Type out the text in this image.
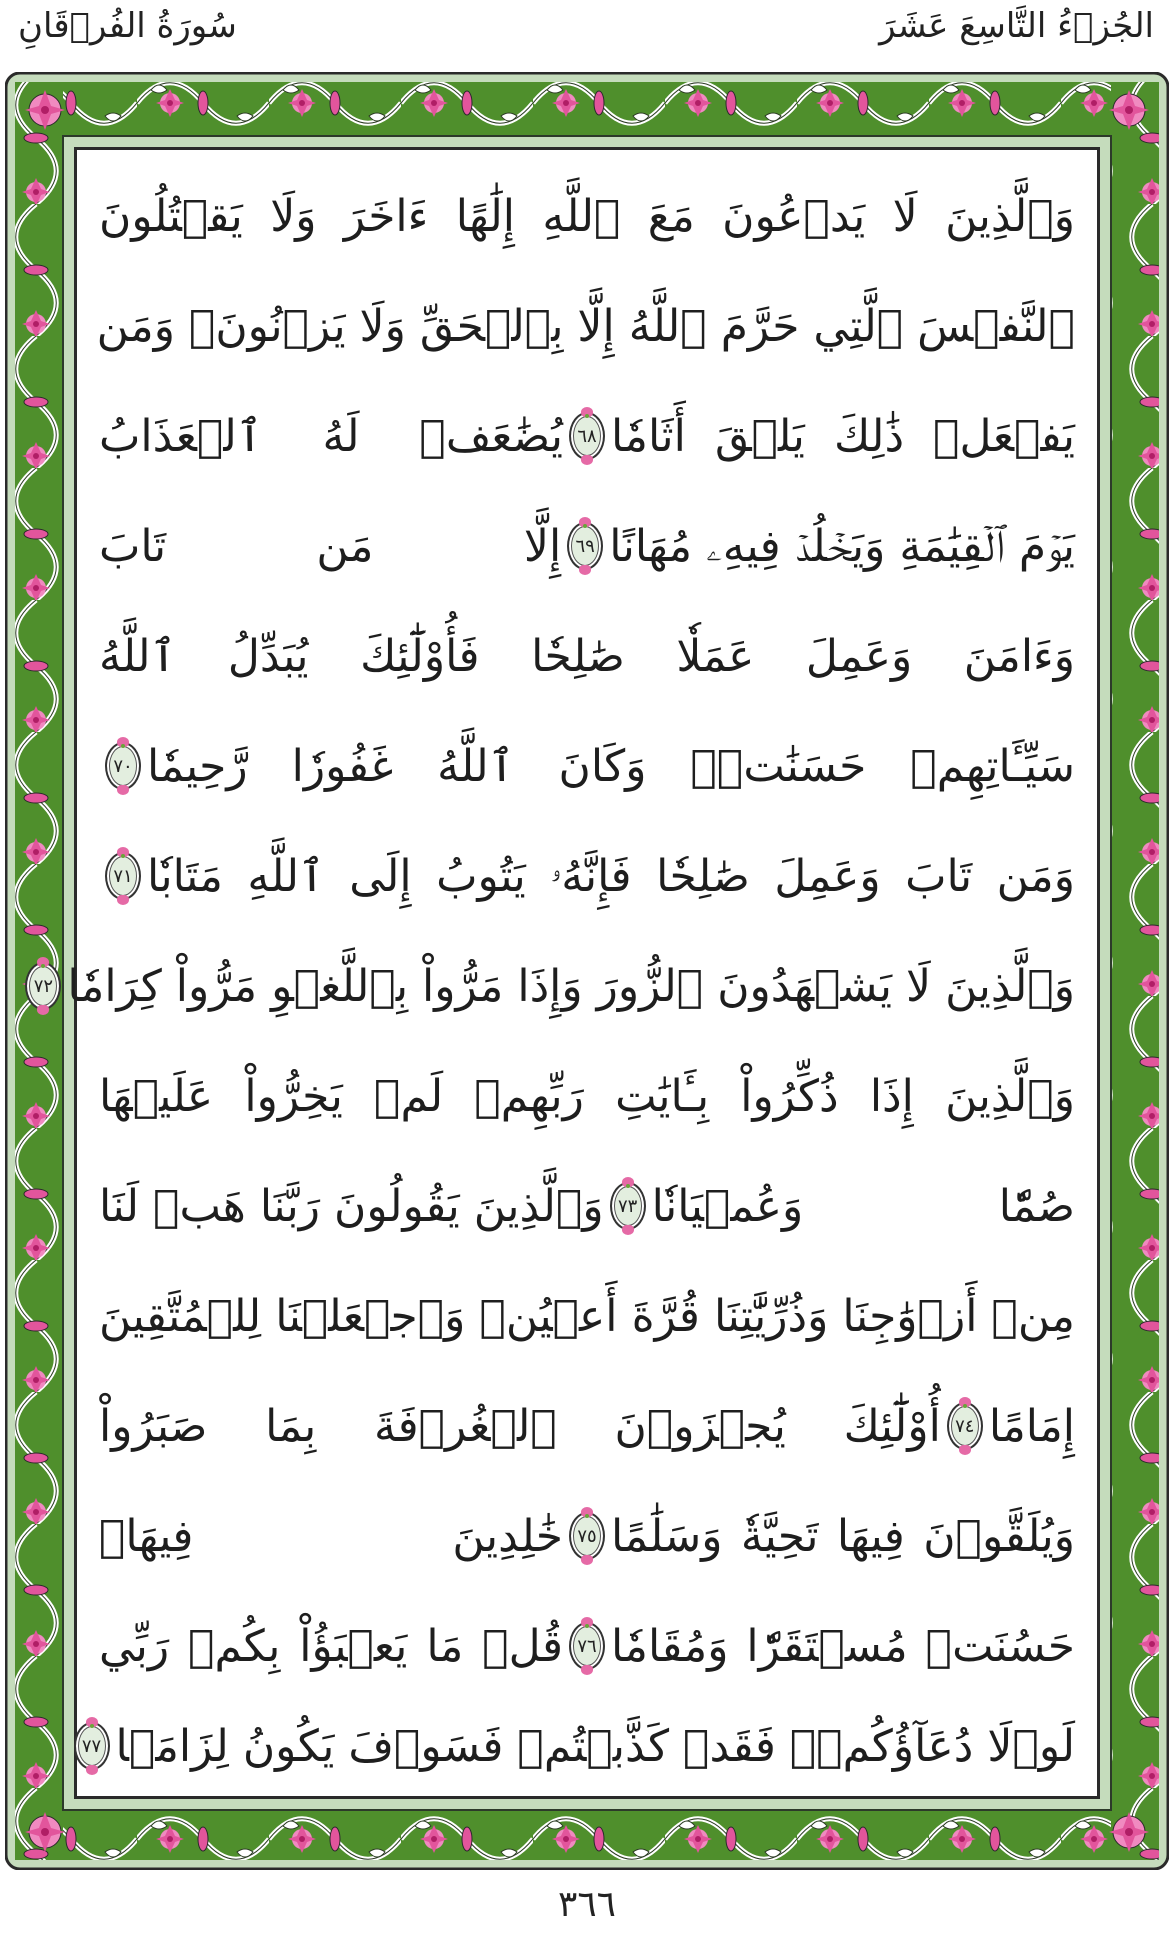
الجُزۡءُ التَّاسِعَ عَشَرَ
سُورَةُ الفُرۡقَانِ
وَٱلَّذِينَ لَا يَدۡعُونَ مَعَ ٱللَّهِ إِلَٰهًا ءَاخَرَ وَلَا يَقۡتُلُونَ
ٱلنَّفۡسَ ٱلَّتِي حَرَّمَ ٱللَّهُ إِلَّا بِٱلۡحَقِّ وَلَا يَزۡنُونَۚ وَمَن
يَفۡعَلۡ ذَٰلِكَ يَلۡقَ أَثَامٗا
٦٨
يُضَٰعَفۡ لَهُ ٱلۡعَذَابُ
يَوۡمَ ٱلۡقِيَٰمَةِ وَيَخۡلُدۡ فِيهِۦ مُهَانًا
٦٩
إِلَّا مَن تَابَ
وَءَامَنَ وَعَمِلَ عَمَلٗا صَٰلِحٗا فَأُوْلَٰٓئِكَ يُبَدِّلُ ٱللَّهُ
سَيِّـَٔاتِهِمۡ حَسَنَٰتٖۗ وَكَانَ ٱللَّهُ غَفُورٗا رَّحِيمٗا
٧٠
وَمَن تَابَ وَعَمِلَ صَٰلِحٗا فَإِنَّهُۥ يَتُوبُ إِلَى ٱللَّهِ مَتَابٗا
٧١
وَٱلَّذِينَ لَا يَشۡهَدُونَ ٱلزُّورَ وَإِذَا مَرُّواْ بِٱللَّغۡوِ مَرُّواْ كِرَامٗا
٧٢
وَٱلَّذِينَ إِذَا ذُكِّرُواْ بِـَٔايَٰتِ رَبِّهِمۡ لَمۡ يَخِرُّواْ عَلَيۡهَا
صُمّٗا وَعُمۡيَانٗا
٧٣
وَٱلَّذِينَ يَقُولُونَ رَبَّنَا هَبۡ لَنَا
مِنۡ أَزۡوَٰجِنَا وَذُرِّيَّٰتِنَا قُرَّةَ أَعۡيُنٖ وَٱجۡعَلۡنَا لِلۡمُتَّقِينَ
إِمَامًا
٧٤
أُوْلَٰٓئِكَ يُجۡزَوۡنَ ٱلۡغُرۡفَةَ بِمَا صَبَرُواْ
وَيُلَقَّوۡنَ فِيهَا تَحِيَّةٗ وَسَلَٰمًا
٧٥
خَٰلِدِينَ فِيهَاۚ
حَسُنَتۡ مُسۡتَقَرّٗا وَمُقَامٗا
٧٦
قُلۡ مَا يَعۡبَؤُاْ بِكُمۡ رَبِّي
لَوۡلَا دُعَآؤُكُمۡۖ فَقَدۡ كَذَّبۡتُمۡ فَسَوۡفَ يَكُونُ لِزَامَۢا
٧٧
٣٦٦
